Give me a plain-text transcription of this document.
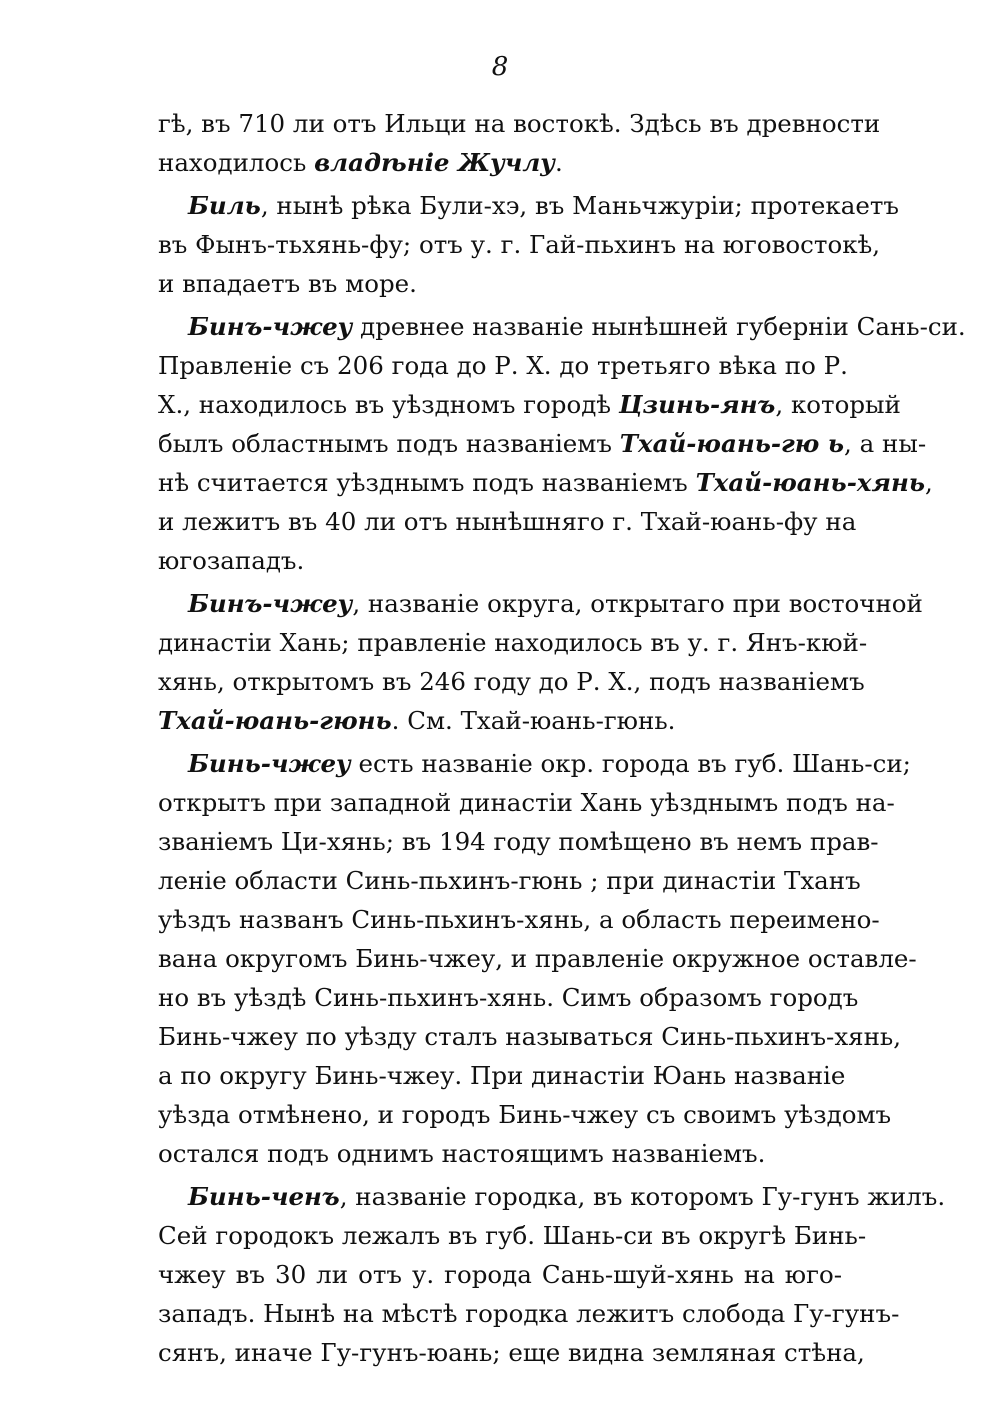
8
гѣ, въ 710 ли отъ Ильци на востокѣ. Здѣсь въ древности
находилось владѣніе Жучлу.
Биль, нынѣ рѣка Були-хэ, въ Маньчжуріи; протекаетъ
въ Фынъ-тьхянь-фу; отъ у. г. Гай-пьхинъ на юговостокѣ,
и впадаетъ въ море.
Бинъ-чжеу древнее названіе нынѣшней губерніи Сань-си.
Правленіе съ 206 года до Р. Х. до третьяго вѣка по Р.
Х., находилось въ уѣздномъ городѣ Цзинь-янъ, который
былъ областнымъ подъ названіемъ Тхай-юань-гю ь, а ны-
нѣ считается уѣзднымъ подъ названіемъ Тхай-юань-хянь,
и лежитъ въ 40 ли отъ нынѣшняго г. Тхай-юань-фу на
югозападъ.
Бинъ-чжеу, названіе округа, открытаго при восточной
династіи Хань; правленіе находилось въ у. г. Янъ-кюй-
хянь, открытомъ въ 246 году до Р. Х., подъ названіемъ
Тхай-юань-гюнь. См. Тхай-юань-гюнь.
Бинь-чжеу есть названіе окр. города въ губ. Шань-си;
открытъ при западной династіи Хань уѣзднымъ подъ на-
званіемъ Ци-хянь; въ 194 году помѣщено въ немъ прав-
леніе области Синь-пьхинъ-гюнь ; при династіи Тханъ
уѣздъ названъ Синь-пьхинъ-хянь, а область переимено-
вана округомъ Бинь-чжеу, и правленіе окружное оставле-
но въ уѣздѣ Синь-пьхинъ-хянь. Симъ образомъ городъ
Бинь-чжеу по уѣзду сталъ называться Синь-пьхинъ-хянь,
а по округу Бинь-чжеу. При династіи Юань названіе
уѣзда отмѣнено, и городъ Бинь-чжеу съ своимъ уѣздомъ
остался подъ однимъ настоящимъ названіемъ.
Бинь-ченъ, названіе городка, въ которомъ Гу-гунъ жилъ.
Сей городокъ лежалъ въ губ. Шань-си въ округѣ Бинь-
чжеу въ 30 ли отъ у. города Сань-шуй-хянь на юго-
западъ. Нынѣ на мѣстѣ городка лежитъ слобода Гу-гунъ-
сянъ, иначе Гу-гунъ-юань; еще видна земляная стѣна,
